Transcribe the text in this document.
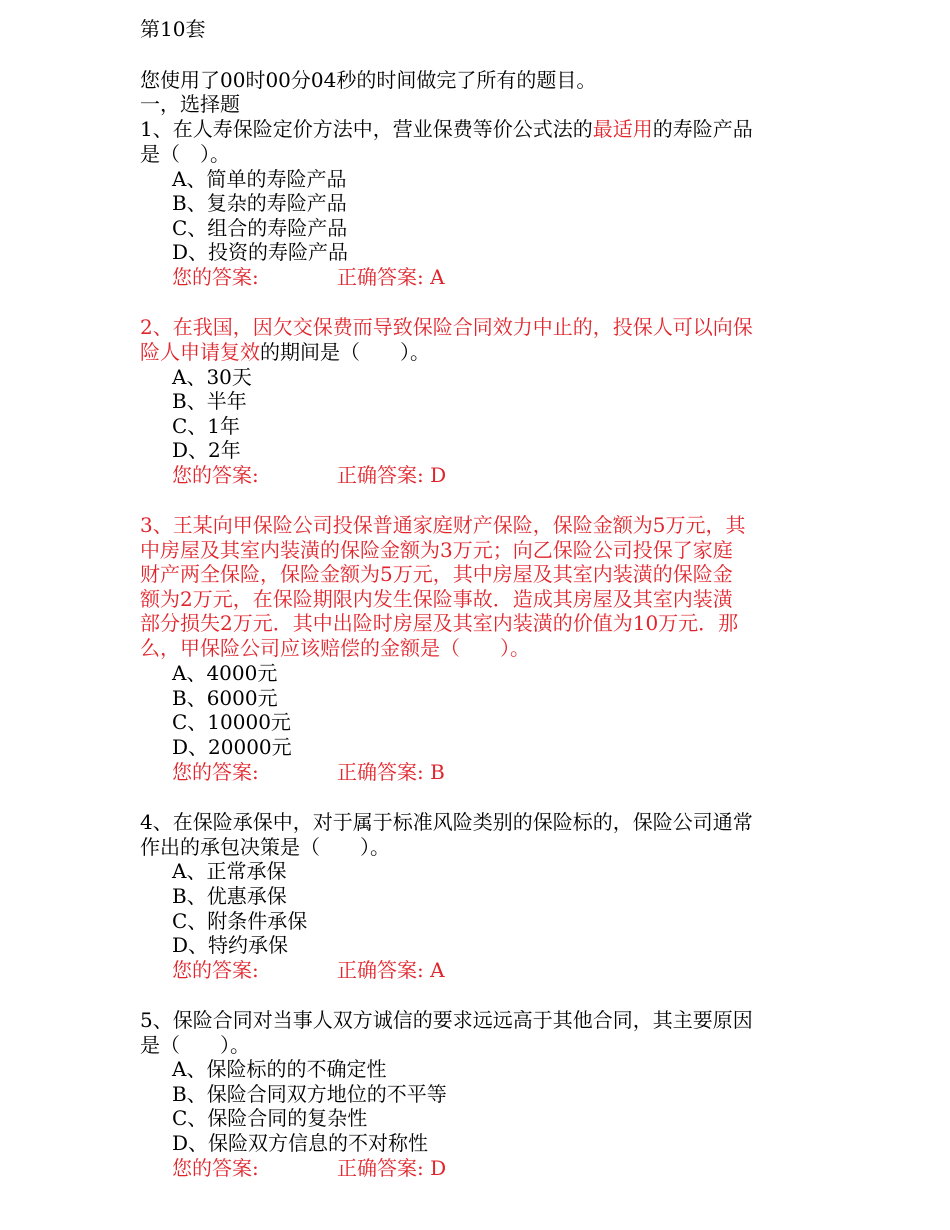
第10套

您使用了00时00分04秒的时间做完了所有的题目。

一，选择题

1、在人寿保险定价方法中，营业保费等价公式法的最适用的寿险产品

是（　）。

A、简单的寿险产品

B、复杂的寿险产品

C、组合的寿险产品

D、投资的寿险产品

您的答案:	正确答案: A

2、在我国，因欠交保费而导致保险合同效力中止的，投保人可以向保

险人申请复效的期间是（　　）。

A、30天

B、半年

C、1年

D、2年

您的答案:	正确答案: D

3、王某向甲保险公司投保普通家庭财产保险，保险金额为5万元，其

中房屋及其室内装潢的保险金额为3万元；向乙保险公司投保了家庭

财产两全保险，保险金额为5万元，其中房屋及其室内装潢的保险金

额为2万元，在保险期限内发生保险事故．造成其房屋及其室内装潢

部分损失2万元．其中出险时房屋及其室内装潢的价值为10万元．那

么，甲保险公司应该赔偿的金额是（　　）。

A、4000元

B、6000元

C、10000元

D、20000元

您的答案:	正确答案: B

4、在保险承保中，对于属于标准风险类别的保险标的，保险公司通常

作出的承包决策是（　　）。

A、正常承保

B、优惠承保

C、附条件承保

D、特约承保

您的答案:	正确答案: A

5、保险合同对当事人双方诚信的要求远远高于其他合同，其主要原因

是（　　）。

A、保险标的的不确定性

B、保险合同双方地位的不平等

C、保险合同的复杂性

D、保险双方信息的不对称性

您的答案:	正确答案: D
